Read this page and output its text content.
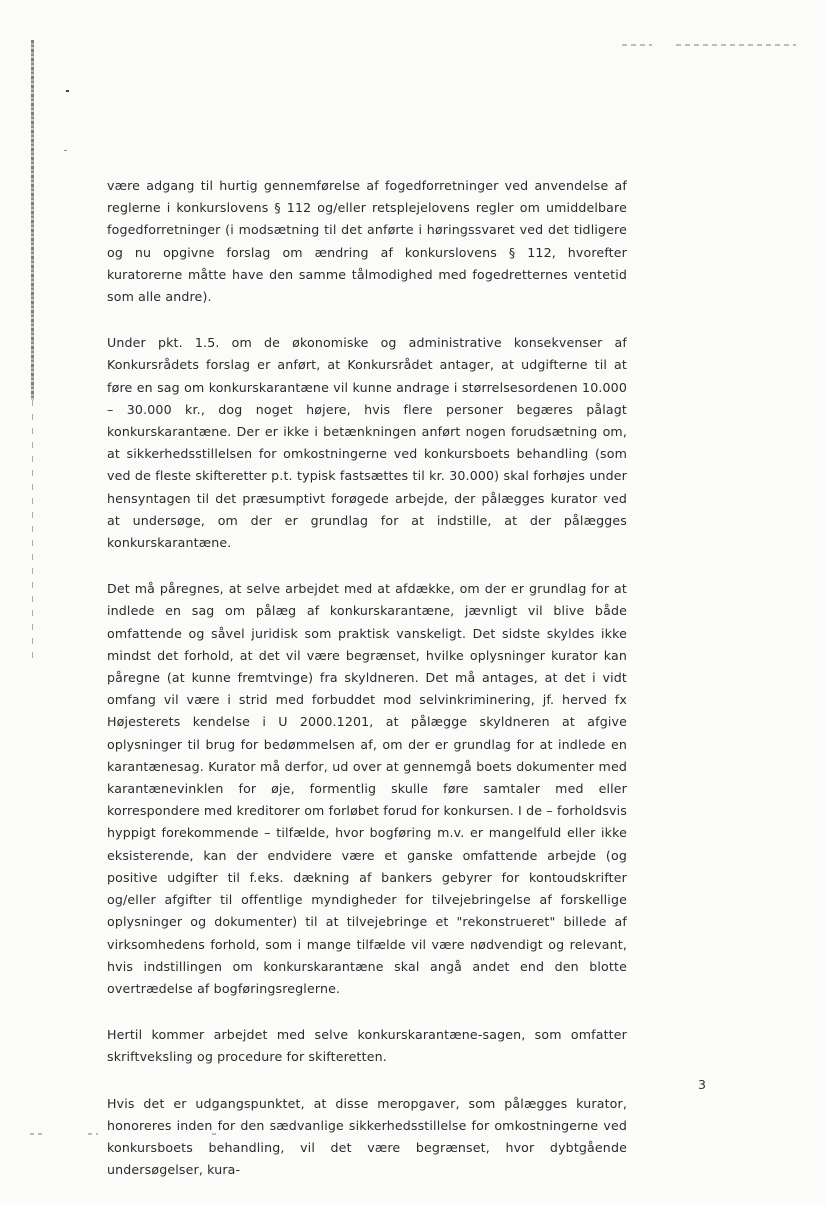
være adgang til hurtig gennemførelse af fogedforretninger ved anvendelse af reglerne i konkurslovens § 112 og/eller retsplejelovens regler om umiddelbare fogedforretninger (i modsætning til det anførte i høringssvaret ved det tidligere og nu opgivne forslag om ændring af konkurslovens § 112, hvorefter kuratorerne måtte have den samme tålmodighed med fogedretternes ventetid som alle andre).

Under pkt. 1.5. om de økonomiske og administrative konsekvenser af Konkursrådets forslag er anført, at Konkursrådet antager, at udgifterne til at føre en sag om konkurskarantæne vil kunne andrage i størrelsesordenen 10.000 – 30.000 kr., dog noget højere, hvis flere personer begæres pålagt konkurskarantæne. Der er ikke i betænkningen anført nogen forudsætning om, at sikkerhedsstillelsen for omkostningerne ved konkursboets behandling (som ved de fleste skifteretter p.t. typisk fastsættes til kr. 30.000) skal forhøjes under hensyntagen til det præsumptivt forøgede arbejde, der pålægges kurator ved at undersøge, om der er grundlag for at indstille, at der pålægges konkurskarantæne.

Det må påregnes, at selve arbejdet med at afdække, om der er grundlag for at indlede en sag om pålæg af konkurskarantæne, jævnligt vil blive både omfattende og såvel juridisk som praktisk vanskeligt. Det sidste skyldes ikke mindst det forhold, at det vil være begrænset, hvilke oplysninger kurator kan påregne (at kunne fremtvinge) fra skyldneren. Det må antages, at det i vidt omfang vil være i strid med forbuddet mod selvinkriminering, jf. herved fx Højesterets kendelse i U 2000.1201, at pålægge skyldneren at afgive oplysninger til brug for bedømmelsen af, om der er grundlag for at indlede en karantænesag. Kurator må derfor, ud over at gennemgå boets dokumenter med karantænevinklen for øje, formentlig skulle føre samtaler med eller korrespondere med kreditorer om forløbet forud for konkursen. I de – forholdsvis hyppigt forekommende – tilfælde, hvor bogføring m.v. er mangelfuld eller ikke eksisterende, kan der endvidere være et ganske omfattende arbejde (og positive udgifter til f.eks. dækning af bankers gebyrer for kontoudskrifter og/eller afgifter til offentlige myndigheder for tilvejebringelse af forskellige oplysninger og dokumenter) til at tilvejebringe et "rekonstrueret" billede af virksomhedens forhold, som i mange tilfælde vil være nødvendigt og relevant, hvis indstillingen om konkurskarantæne skal angå andet end den blotte overtrædelse af bogføringsreglerne.

Hertil kommer arbejdet med selve konkurskarantæne-sagen, som omfatter skriftveksling og procedure for skifteretten.

Hvis det er udgangspunktet, at disse meropgaver, som pålægges kurator, honoreres inden for den sædvanlige sikkerhedsstillelse for omkostningerne ved konkursboets behandling, vil det være begrænset, hvor dybtgående undersøgelser, kura-

3
